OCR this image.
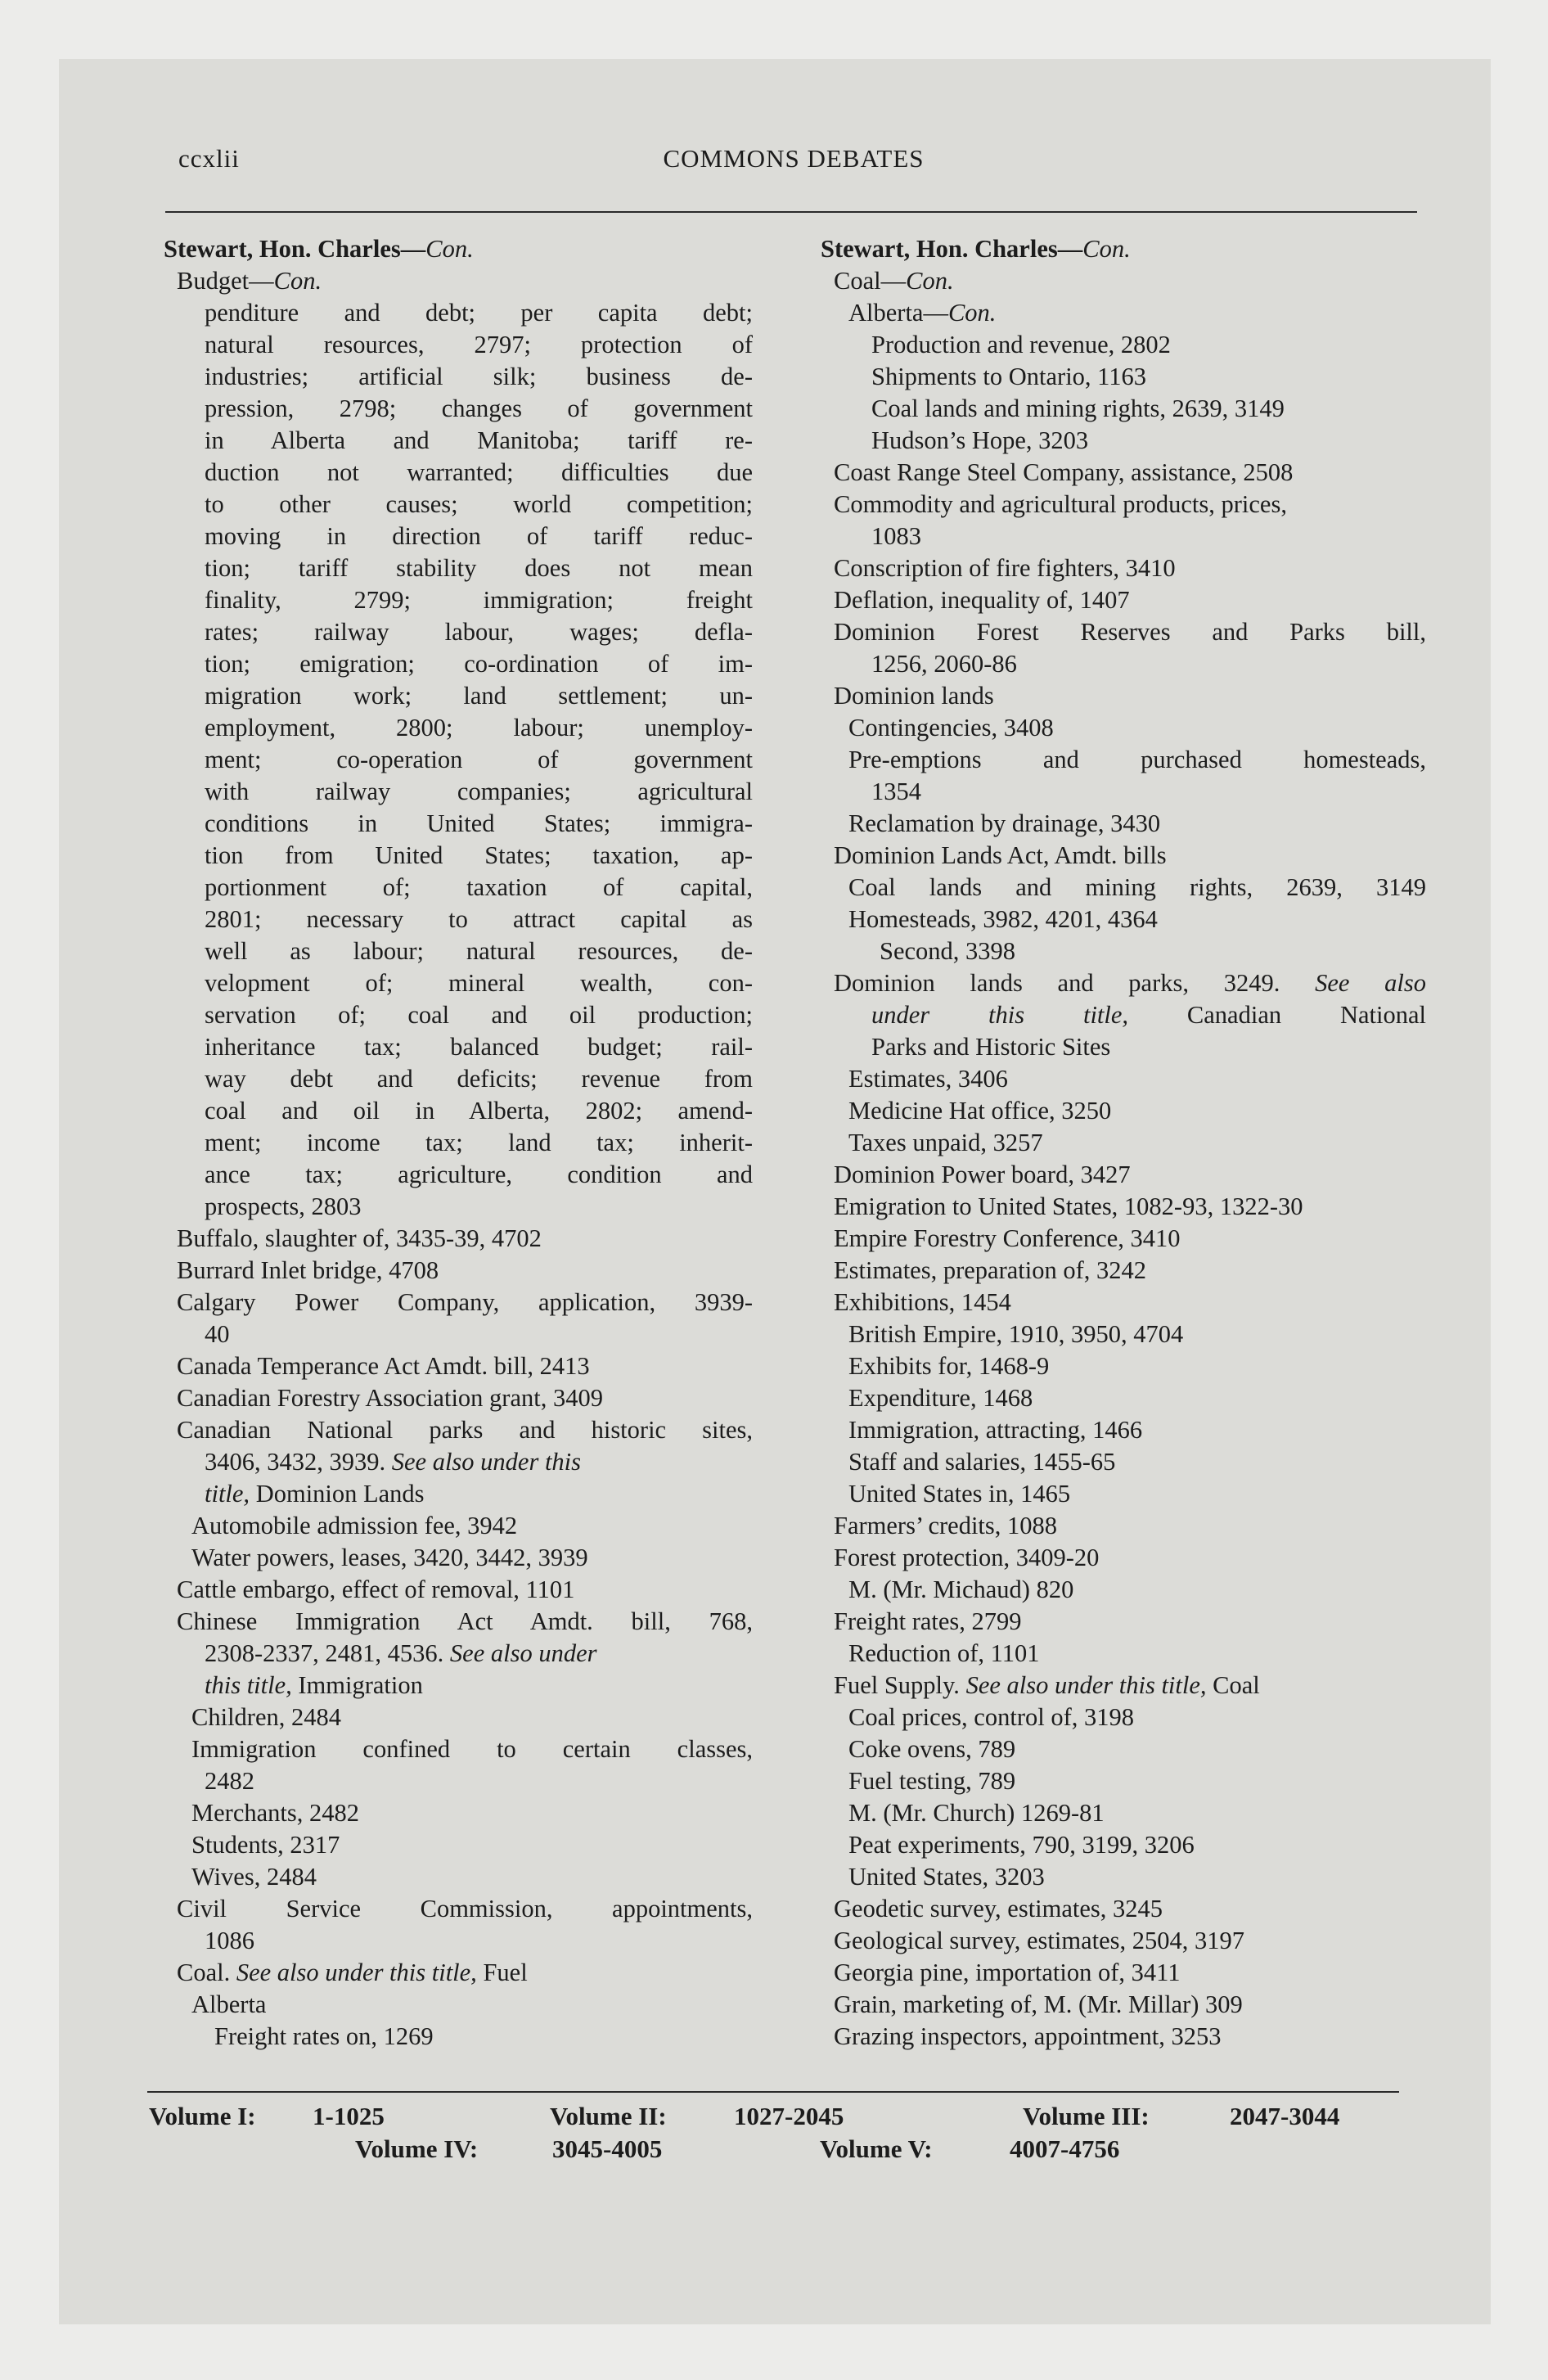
ccxlii	COMMONS DEBATES
Stewart, Hon. Charles—Con.
Budget—Con.
penditure and debt; per capita debt;
natural resources, 2797; protection of
industries; artificial silk; business de-
pression, 2798; changes of government
in Alberta and Manitoba; tariff re-
duction not warranted; difficulties due
to other causes; world competition;
moving in direction of tariff reduc-
tion; tariff stability does not mean
finality, 2799; immigration; freight
rates; railway labour, wages; defla-
tion; emigration; co-ordination of im-
migration work; land settlement; un-
employment, 2800; labour; unemploy-
ment; co-operation of government
with railway companies; agricultural
conditions in United States; immigra-
tion from United States; taxation, ap-
portionment of; taxation of capital,
2801; necessary to attract capital as
well as labour; natural resources, de-
velopment of; mineral wealth, con-
servation of; coal and oil production;
inheritance tax; balanced budget; rail-
way debt and deficits; revenue from
coal and oil in Alberta, 2802; amend-
ment; income tax; land tax; inherit-
ance tax; agriculture, condition and
prospects, 2803
Buffalo, slaughter of, 3435-39, 4702
Burrard Inlet bridge, 4708
Calgary Power Company, application, 3939-
40
Canada Temperance Act Amdt. bill, 2413
Canadian Forestry Association grant, 3409
Canadian National parks and historic sites,
3406, 3432, 3939. See also under this
title, Dominion Lands
Automobile admission fee, 3942
Water powers, leases, 3420, 3442, 3939
Cattle embargo, effect of removal, 1101
Chinese Immigration Act Amdt. bill, 768,
2308-2337, 2481, 4536. See also under
this title, Immigration
Children, 2484
Immigration confined to certain classes,
2482
Merchants, 2482
Students, 2317
Wives, 2484
Civil Service Commission, appointments,
1086
Coal. See also under this title, Fuel
Alberta
Freight rates on, 1269
Stewart, Hon. Charles—Con.
Coal—Con.
Alberta—Con.
Production and revenue, 2802
Shipments to Ontario, 1163
Coal lands and mining rights, 2639, 3149
Hudson’s Hope, 3203
Coast Range Steel Company, assistance, 2508
Commodity and agricultural products, prices,
1083
Conscription of fire fighters, 3410
Deflation, inequality of, 1407
Dominion Forest Reserves and Parks bill,
1256, 2060-86
Dominion lands
Contingencies, 3408
Pre-emptions and purchased homesteads,
1354
Reclamation by drainage, 3430
Dominion Lands Act, Amdt. bills
Coal lands and mining rights, 2639, 3149
Homesteads, 3982, 4201, 4364
Second, 3398
Dominion lands and parks, 3249. See also
under this title, Canadian National
Parks and Historic Sites
Estimates, 3406
Medicine Hat office, 3250
Taxes unpaid, 3257
Dominion Power board, 3427
Emigration to United States, 1082-93, 1322-30
Empire Forestry Conference, 3410
Estimates, preparation of, 3242
Exhibitions, 1454
British Empire, 1910, 3950, 4704
Exhibits for, 1468-9
Expenditure, 1468
Immigration, attracting, 1466
Staff and salaries, 1455-65
United States in, 1465
Farmers’ credits, 1088
Forest protection, 3409-20
M. (Mr. Michaud) 820
Freight rates, 2799
Reduction of, 1101
Fuel Supply. See also under this title, Coal
Coal prices, control of, 3198
Coke ovens, 789
Fuel testing, 789
M. (Mr. Church) 1269-81
Peat experiments, 790, 3199, 3206
United States, 3203
Geodetic survey, estimates, 3245
Geological survey, estimates, 2504, 3197
Georgia pine, importation of, 3411
Grain, marketing of, M. (Mr. Millar) 309
Grazing inspectors, appointment, 3253
Volume I: 1-1025	Volume II:	1027-2045	Volume III:	2047-3044
Volume IV:	3045-4005	Volume V:	4007-4756
